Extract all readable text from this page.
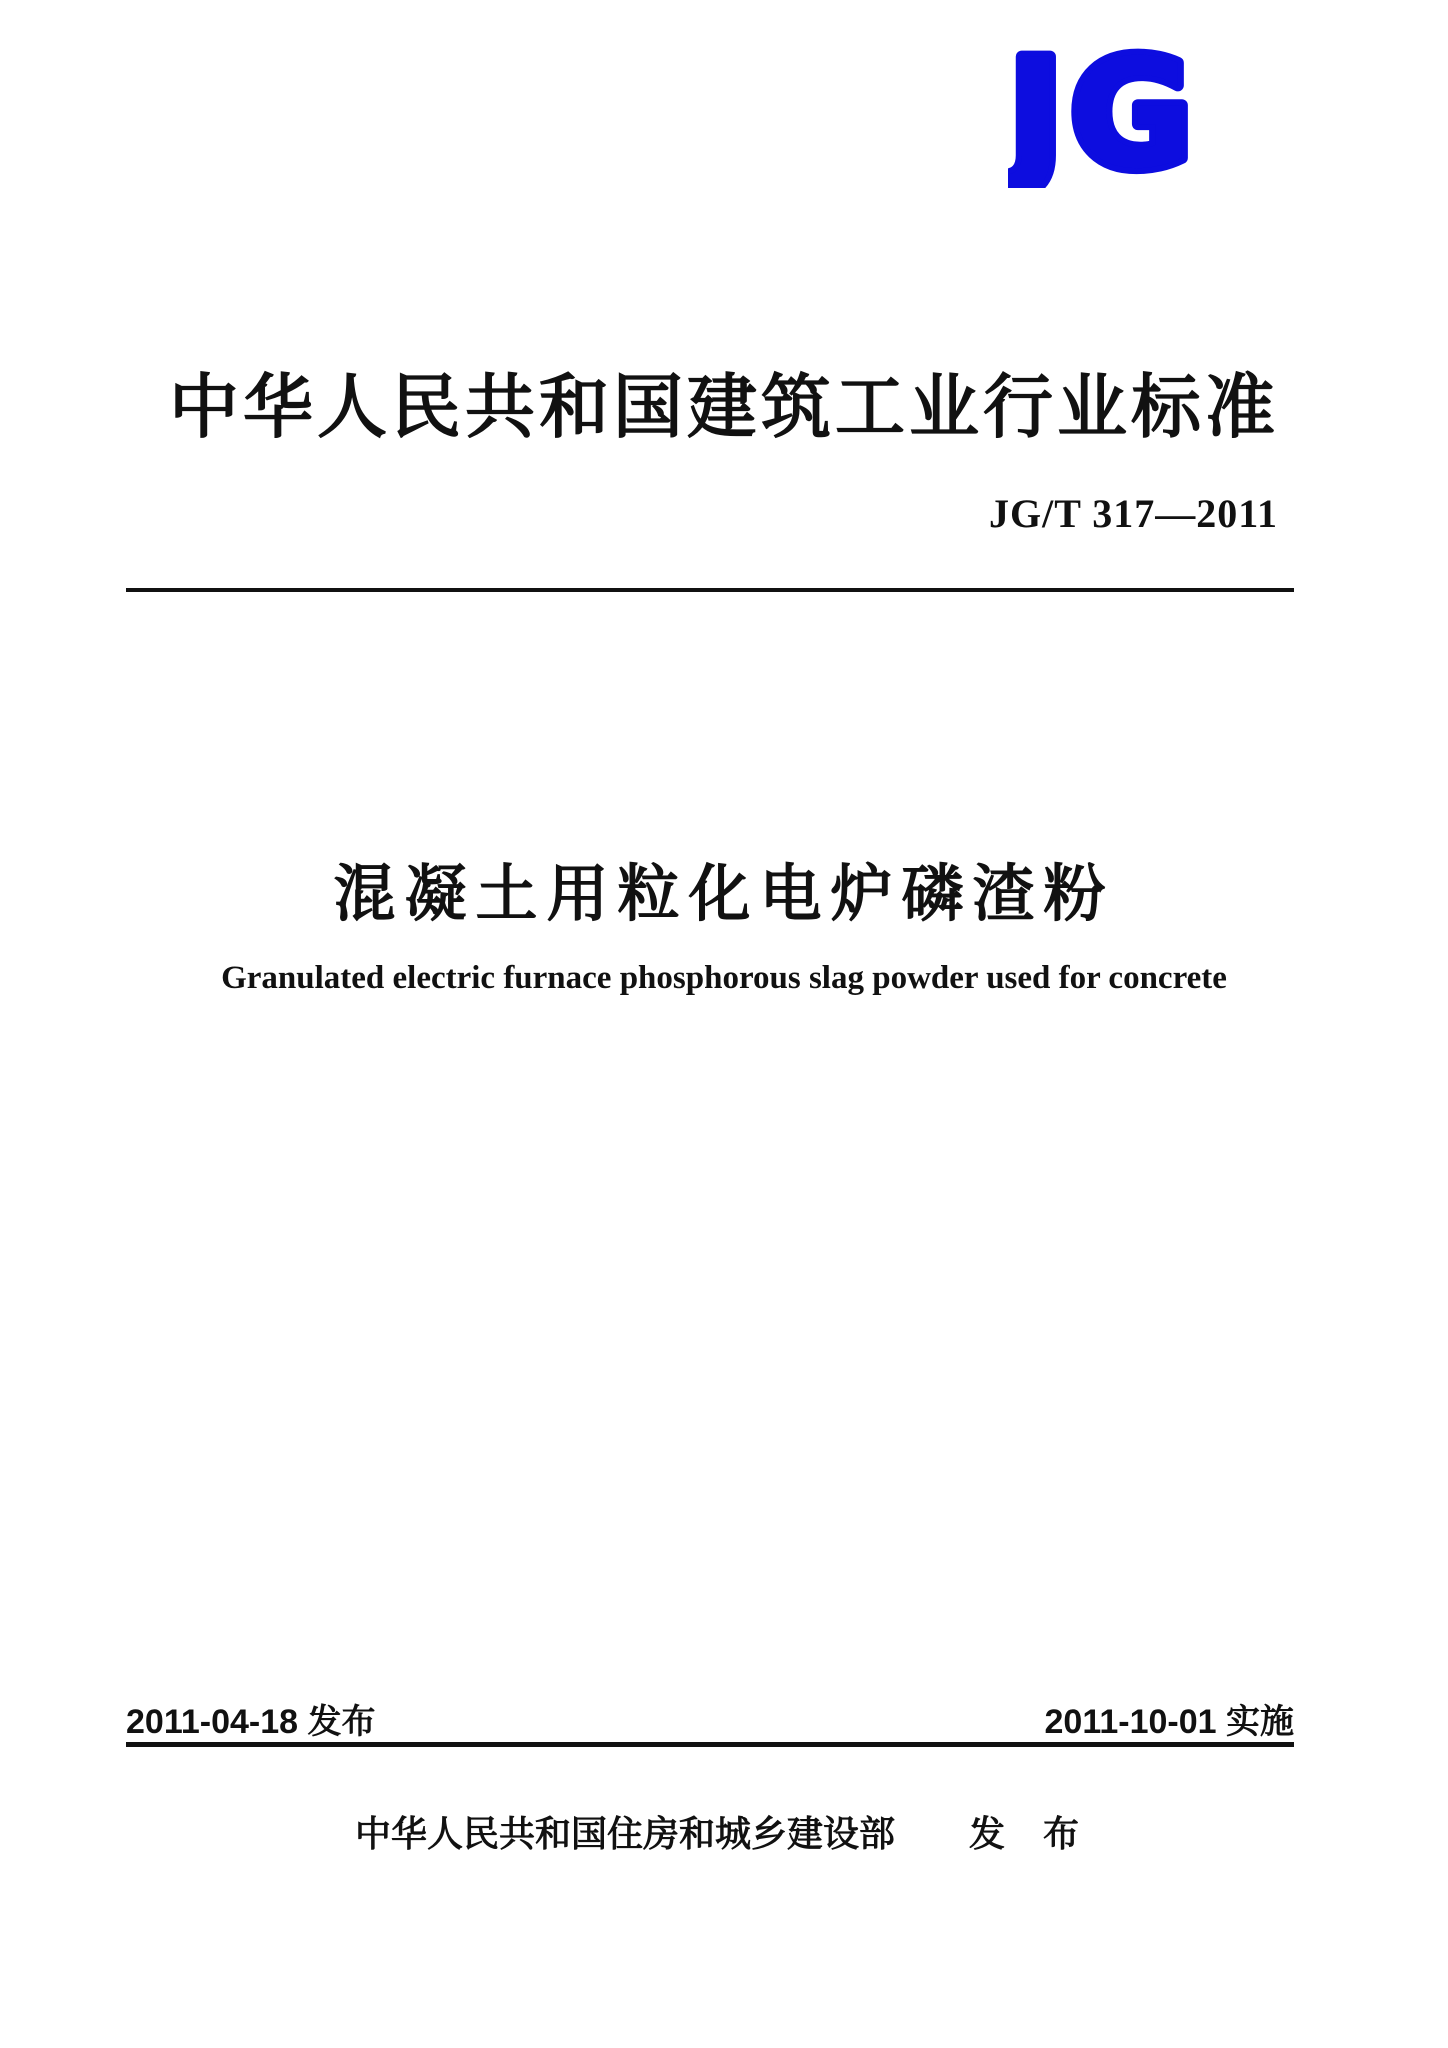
JG
中华人民共和国建筑工业行业标准
JG/T 317—2011
混凝土用粒化电炉磷渣粉
Granulated electric furnace phosphorous slag powder used for concrete
2011-04-18 发布	2011-10-01 实施
中华人民共和国住房和城乡建设部 发 布
